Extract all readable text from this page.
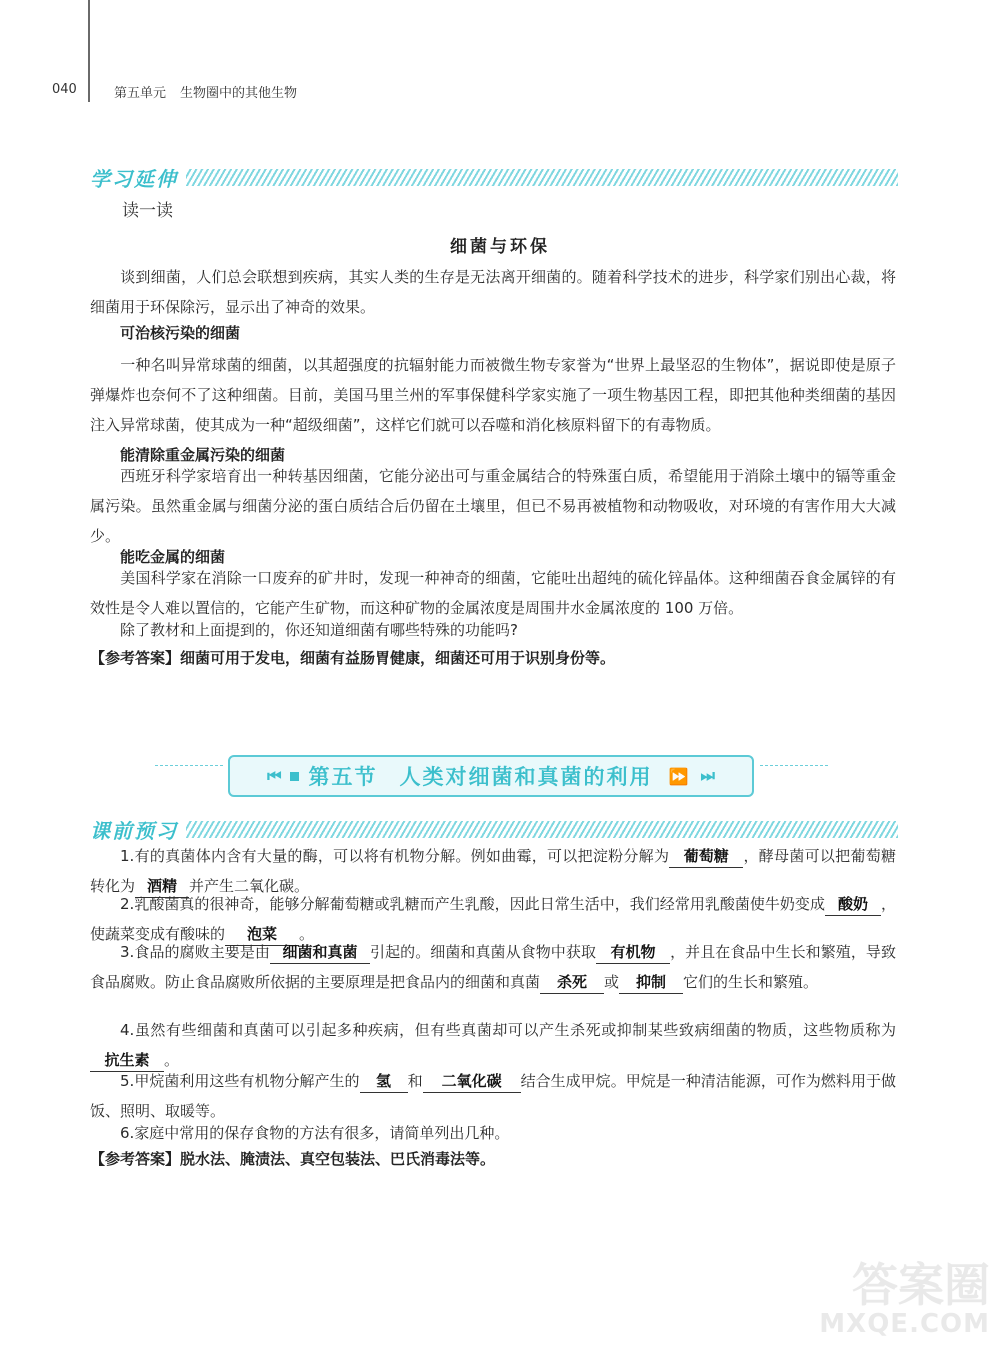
040	第五单元 生物圈中的其他生物
学习延伸
读一读
细菌与环保
谈到细菌，人们总会联想到疾病，其实人类的生存是无法离开细菌的。随着科学技术的进步，科学家们别出心裁，将细菌用于环保除污，显示出了神奇的效果。
可治核污染的细菌
一种名叫异常球菌的细菌，以其超强度的抗辐射能力而被微生物专家誉为“世界上最坚忍的生物体”，据说即使是原子弹爆炸也奈何不了这种细菌。目前，美国马里兰州的军事保健科学家实施了一项生物基因工程，即把其他种类细菌的基因注入异常球菌，使其成为一种“超级细菌”，这样它们就可以吞噬和消化核原料留下的有毒物质。
能清除重金属污染的细菌
西班牙科学家培育出一种转基因细菌，它能分泌出可与重金属结合的特殊蛋白质，希望能用于消除土壤中的镉等重金属污染。虽然重金属与细菌分泌的蛋白质结合后仍留在土壤里，但已不易再被植物和动物吸收，对环境的有害作用大大减少。
能吃金属的细菌
美国科学家在消除一口废弃的矿井时，发现一种神奇的细菌，它能吐出超纯的硫化锌晶体。这种细菌吞食金属锌的有效性是令人难以置信的，它能产生矿物，而这种矿物的金属浓度是周围井水金属浓度的 100 万倍。
除了教材和上面提到的，你还知道细菌有哪些特殊的功能吗?
【参考答案】细菌可用于发电，细菌有益肠胃健康，细菌还可用于识别身份等。
⏮ 第五节 人类对细菌和真菌的利用 ⏩ ⏭
课前预习
1.有的真菌体内含有大量的酶，可以将有机物分解。例如曲霉，可以把淀粉分解为 葡萄糖 ，酵母菌可以把葡萄糖转化为 酒精 并产生二氧化碳。
2.乳酸菌真的很神奇，能够分解葡萄糖或乳糖而产生乳酸，因此日常生活中，我们经常用乳酸菌使牛奶变成 酸奶 ，使蔬菜变成有酸味的 泡菜 。
3.食品的腐败主要是由 细菌和真菌 引起的。细菌和真菌从食物中获取 有机物 ，并且在食品中生长和繁殖，导致食品腐败。防止食品腐败所依据的主要原理是把食品内的细菌和真菌 杀死 或 抑制 它们的生长和繁殖。
4.虽然有些细菌和真菌可以引起多种疾病，但有些真菌却可以产生杀死或抑制某些致病细菌的物质，这些物质称为抗生素 。
5.甲烷菌利用这些有机物分解产生的 氢 和 二氧化碳 结合生成甲烷。甲烷是一种清洁能源，可作为燃料用于做饭、照明、取暖等。
6.家庭中常用的保存食物的方法有很多，请简单列出几种。
【参考答案】脱水法、腌渍法、真空包装法、巴氏消毒法等。
答案圈
MXQE.COM
